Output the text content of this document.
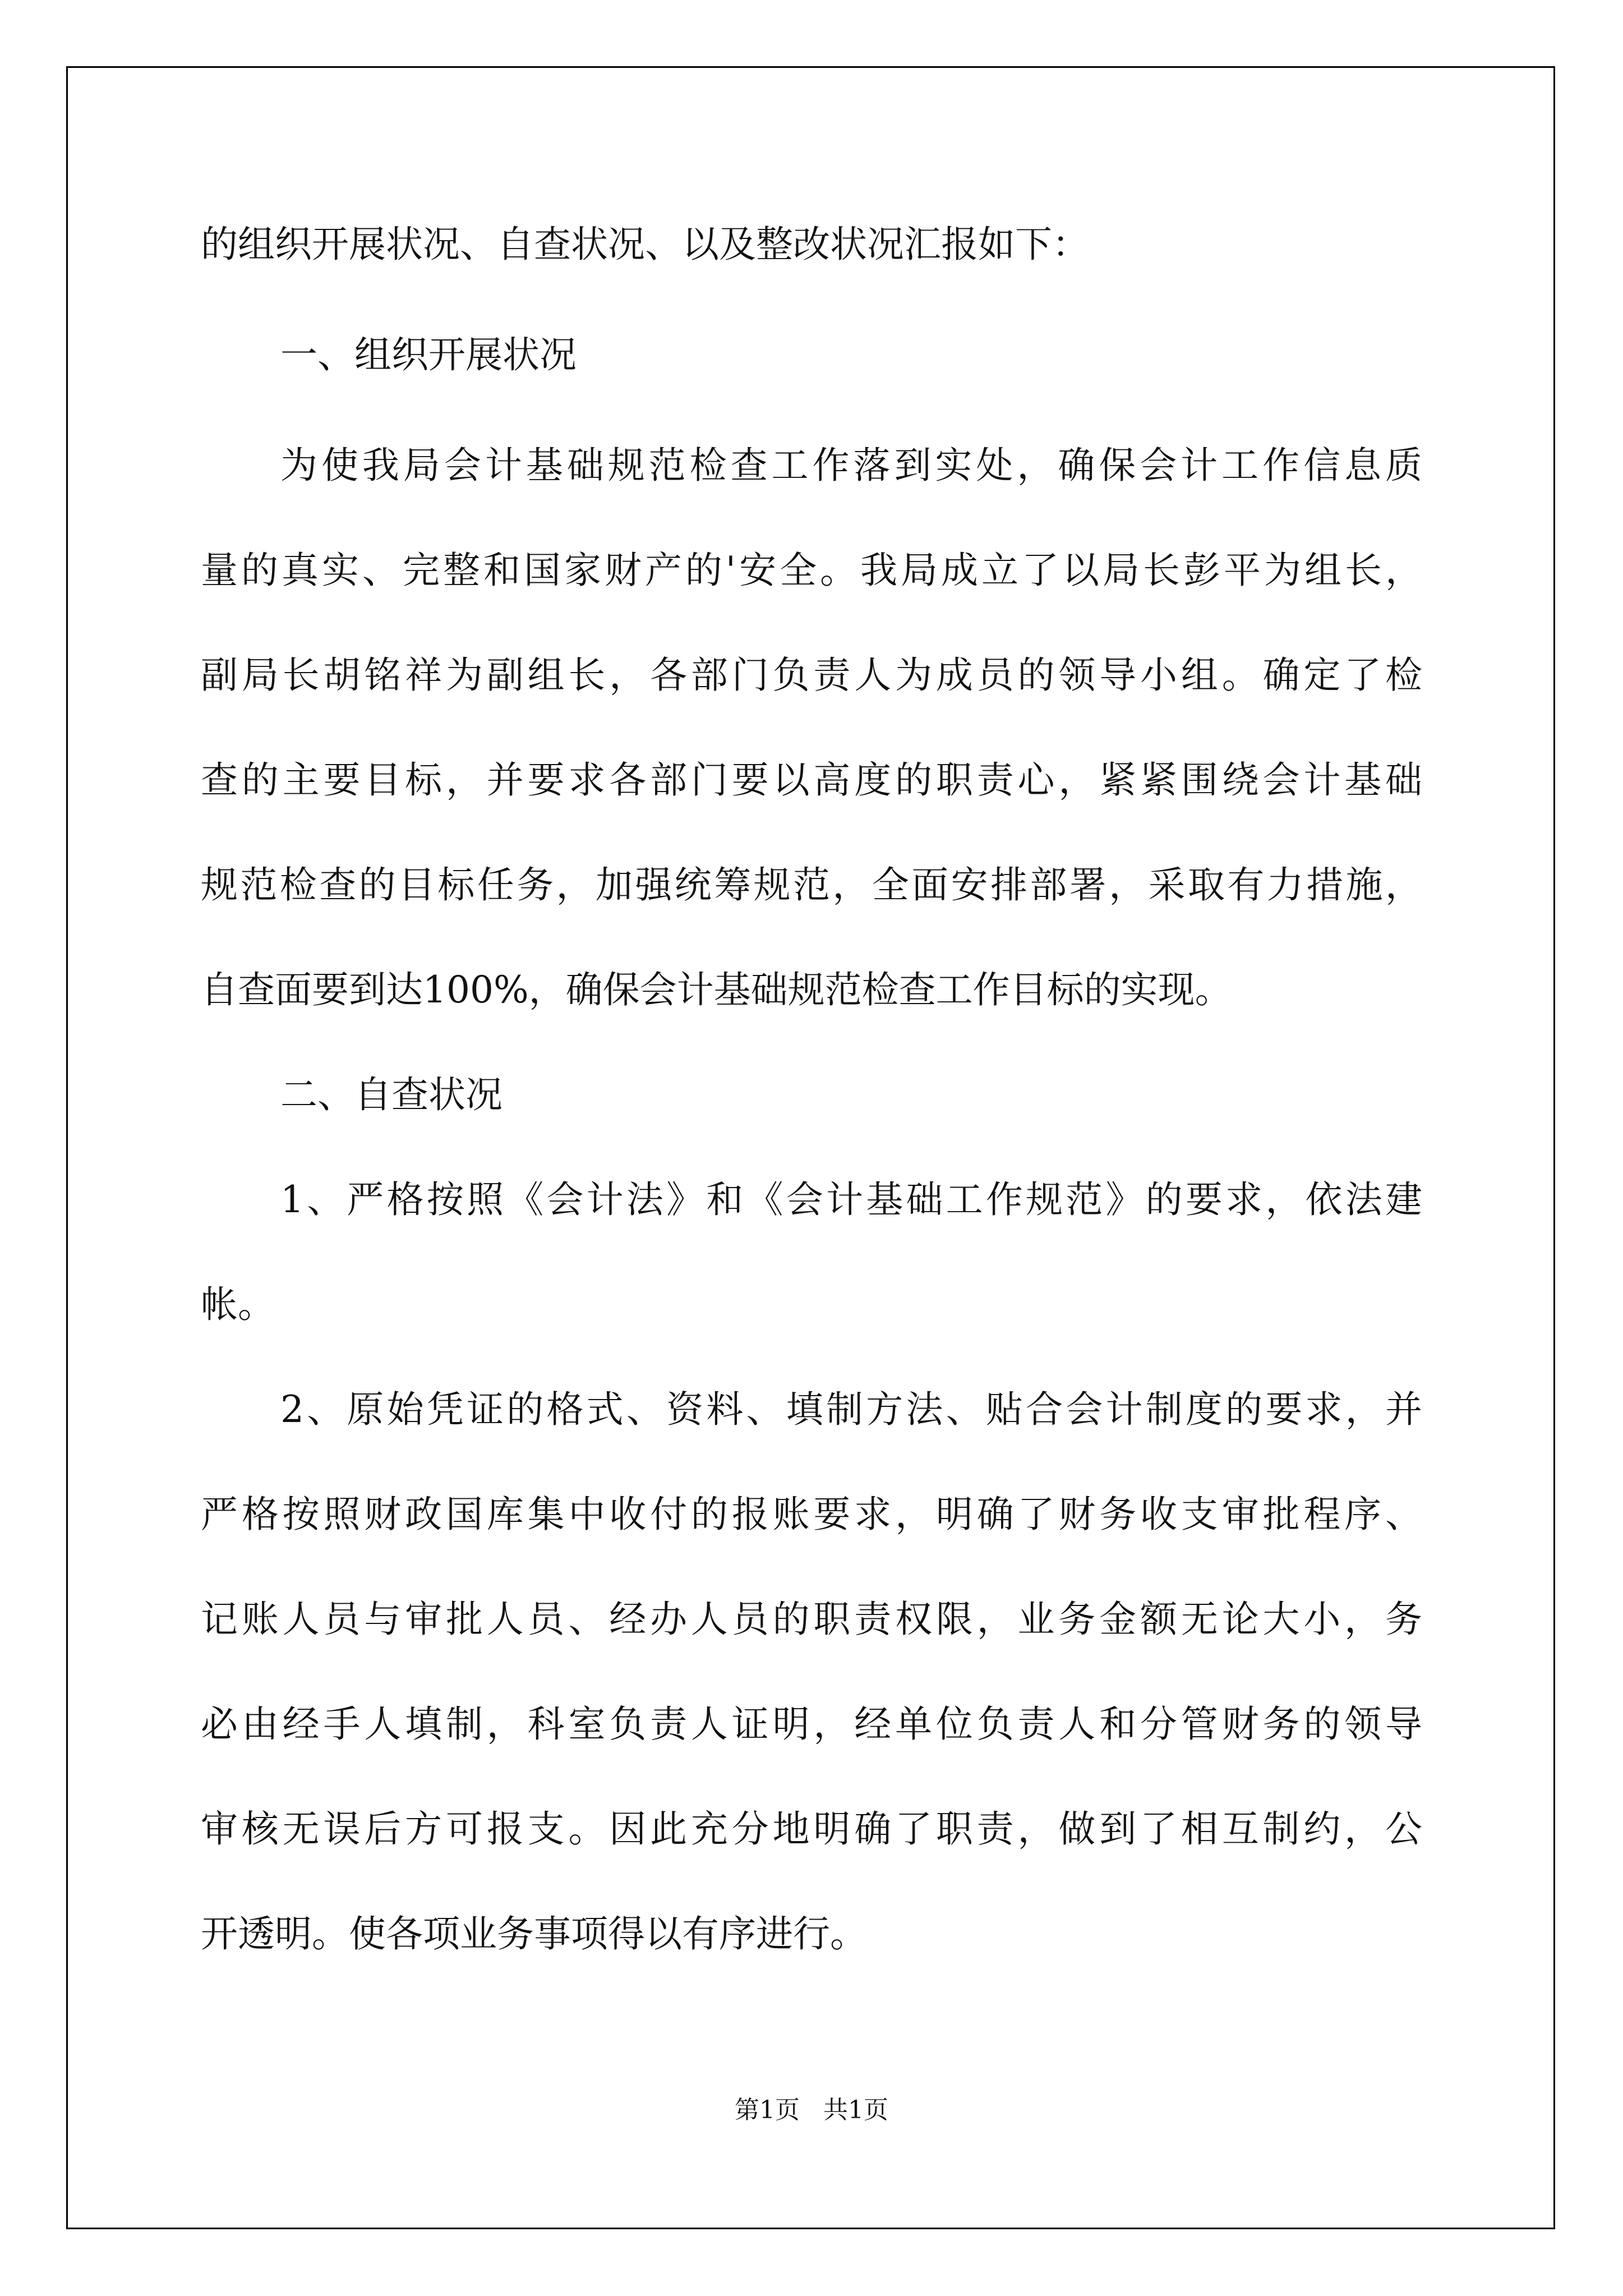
的组织开展状况、自查状况、以及整改状况汇报如下：
一、组织开展状况
为使我局会计基础规范检查工作落到实处，确保会计工作信息质
量的真实、完整和国家财产的'安全。我局成立了以局长彭平为组长，
副局长胡铭祥为副组长，各部门负责人为成员的领导小组。确定了检
查的主要目标，并要求各部门要以高度的职责心，紧紧围绕会计基础
规范检查的目标任务，加强统筹规范，全面安排部署，采取有力措施，
自查面要到达100%，确保会计基础规范检查工作目标的实现。
二、自查状况
1、严格按照《会计法》和《会计基础工作规范》的要求，依法建
帐。
2、原始凭证的格式、资料、填制方法、贴合会计制度的要求，并
严格按照财政国库集中收付的报账要求，明确了财务收支审批程序、
记账人员与审批人员、经办人员的职责权限，业务金额无论大小，务
必由经手人填制，科室负责人证明，经单位负责人和分管财务的领导
审核无误后方可报支。因此充分地明确了职责，做到了相互制约，公
开透明。使各项业务事项得以有序进行。
第1页   共1页
